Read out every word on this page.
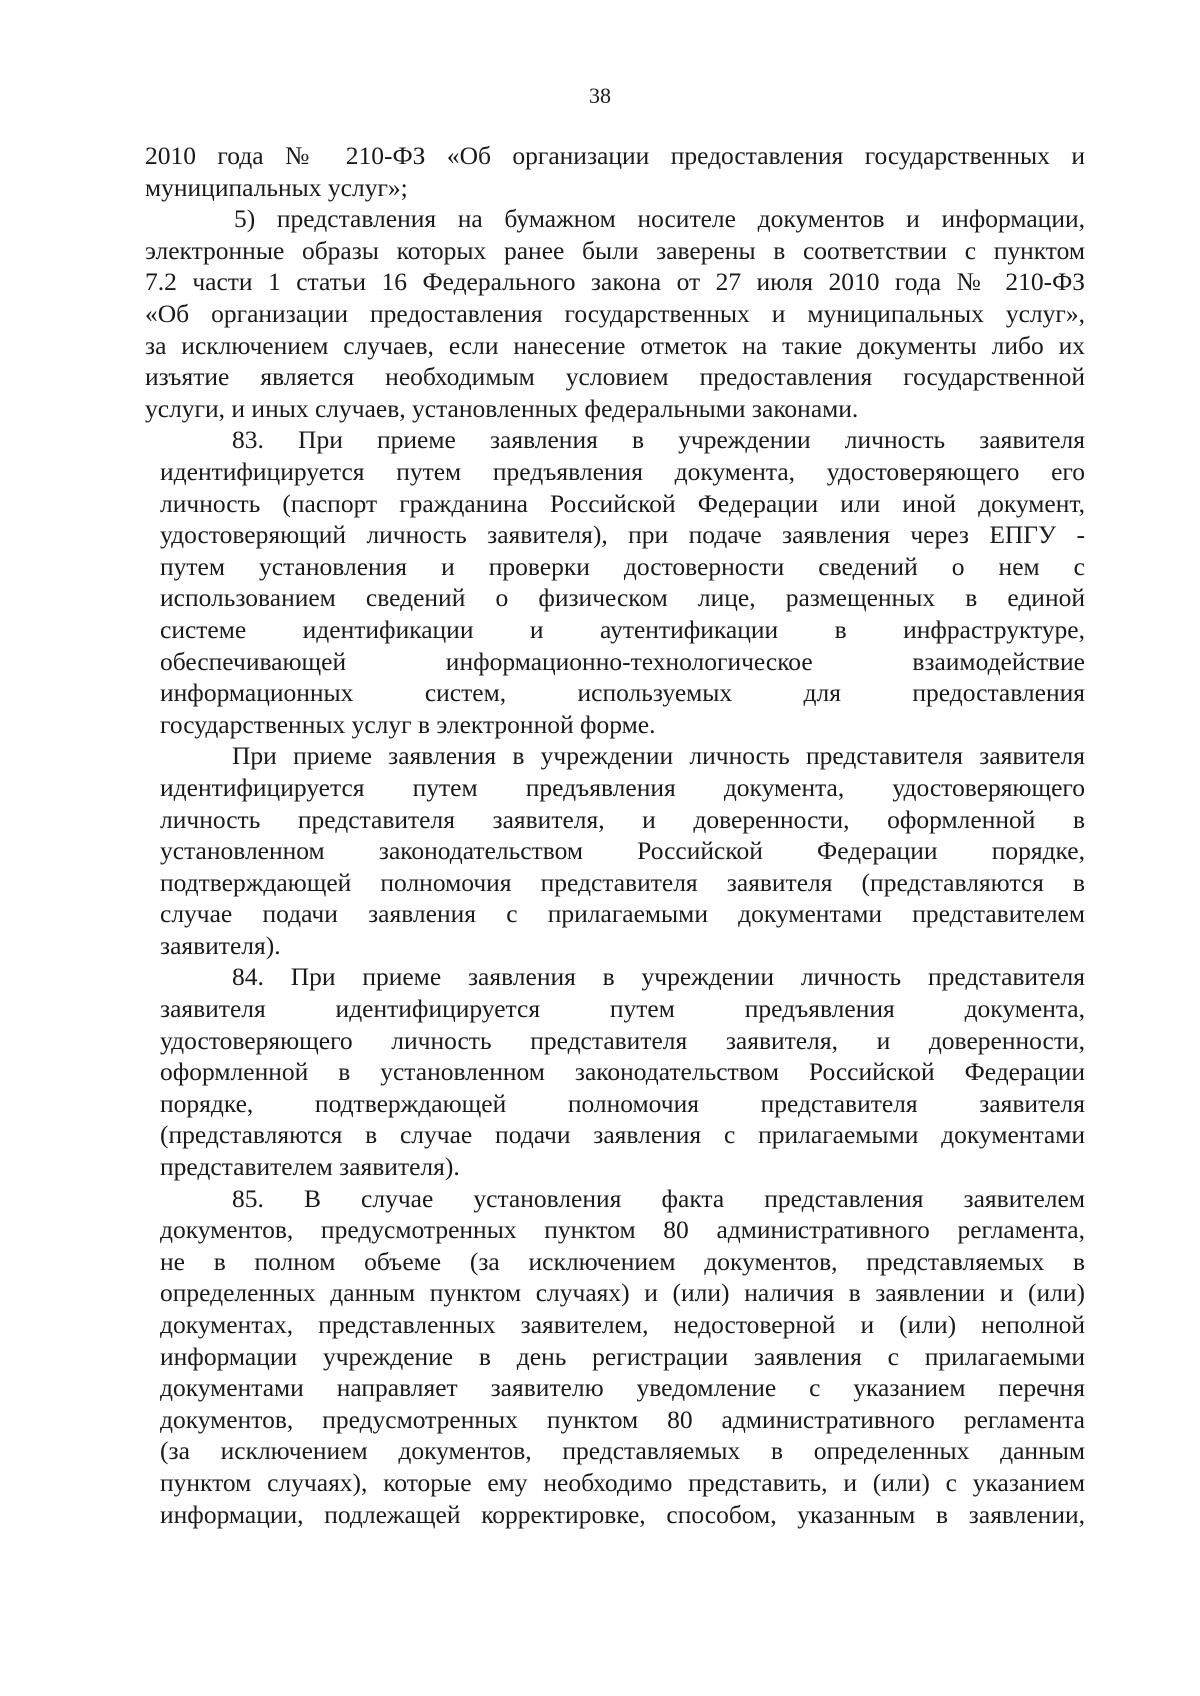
38
2010 года № 210-ФЗ «Об организации предоставления государственных и
муниципальных услуг»;
5) представления на бумажном носителе документов и информации,
электронные образы которых ранее были заверены в соответствии с пунктом
7.2 части 1 статьи 16 Федерального закона от 27 июля 2010 года № 210-ФЗ
«Об организации предоставления государственных и муниципальных услуг»,
за исключением случаев, если нанесение отметок на такие документы либо их
изъятие является необходимым условием предоставления государственной
услуги, и иных случаев, установленных федеральными законами.
83. При приеме заявления в учреждении личность заявителя
идентифицируется путем предъявления документа, удостоверяющего его
личность (паспорт гражданина Российской Федерации или иной документ,
удостоверяющий личность заявителя), при подаче заявления через ЕПГУ -
путем установления и проверки достоверности сведений о нем с
использованием сведений о физическом лице, размещенных в единой
системе идентификации и аутентификации в инфраструктуре,
обеспечивающей информационно-технологическое взаимодействие
информационных систем, используемых для предоставления
государственных услуг в электронной форме.
При приеме заявления в учреждении личность представителя заявителя
идентифицируется путем предъявления документа, удостоверяющего
личность представителя заявителя, и доверенности, оформленной в
установленном законодательством Российской Федерации порядке,
подтверждающей полномочия представителя заявителя (представляются в
случае подачи заявления с прилагаемыми документами представителем
заявителя).
84. При приеме заявления в учреждении личность представителя
заявителя идентифицируется путем предъявления документа,
удостоверяющего личность представителя заявителя, и доверенности,
оформленной в установленном законодательством Российской Федерации
порядке, подтверждающей полномочия представителя заявителя
(представляются в случае подачи заявления с прилагаемыми документами
представителем заявителя).
85. В случае установления факта представления заявителем
документов, предусмотренных пунктом 80 административного регламента,
не в полном объеме (за исключением документов, представляемых в
определенных данным пунктом случаях) и (или) наличия в заявлении и (или)
документах, представленных заявителем, недостоверной и (или) неполной
информации учреждение в день регистрации заявления с прилагаемыми
документами направляет заявителю уведомление с указанием перечня
документов, предусмотренных пунктом 80 административного регламента
(за исключением документов, представляемых в определенных данным
пунктом случаях), которые ему необходимо представить, и (или) с указанием
информации, подлежащей корректировке, способом, указанным в заявлении,
